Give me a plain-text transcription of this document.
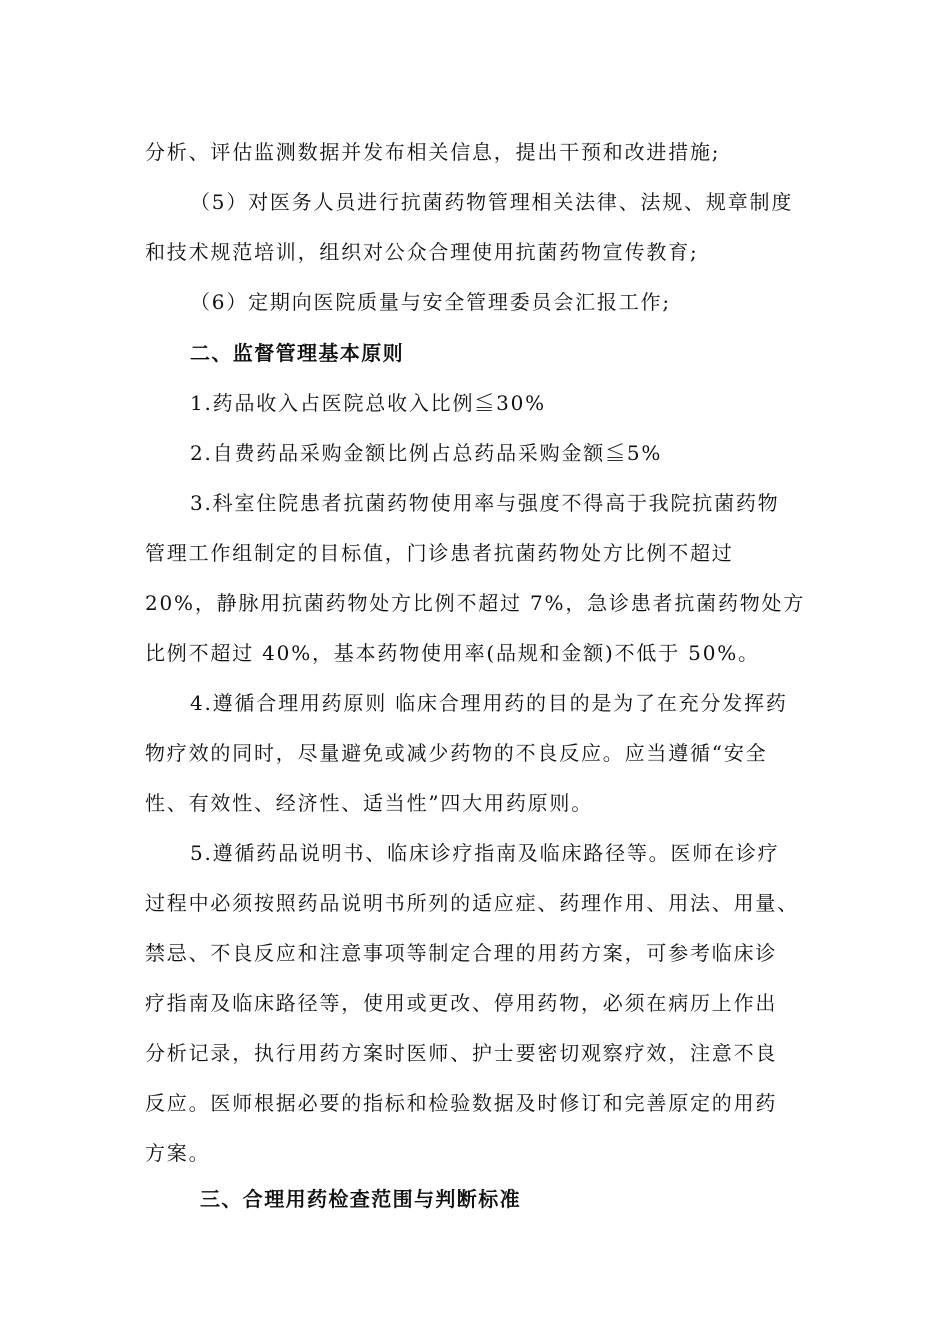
分析、评估监测数据并发布相关信息，提出干预和改进措施;
（5）对医务人员进行抗菌药物管理相关法律、法规、规章制度
和技术规范培训，组织对公众合理使用抗菌药物宣传教育;
（6）定期向医院质量与安全管理委员会汇报工作;
二、监督管理基本原则
1.药品收入占医院总收入比例≦30%
2.自费药品采购金额比例占总药品采购金额≦5%
3.科室住院患者抗菌药物使用率与强度不得高于我院抗菌药物
管理工作组制定的目标值，门诊患者抗菌药物处方比例不超过
20%，静脉用抗菌药物处方比例不超过 7%，急诊患者抗菌药物处方
比例不超过 40%，基本药物使用率(品规和金额)不低于 50%。
4.遵循合理用药原则 临床合理用药的目的是为了在充分发挥药
物疗效的同时，尽量避免或减少药物的不良反应。应当遵循“安全
性、有效性、经济性、适当性”四大用药原则。
5.遵循药品说明书、临床诊疗指南及临床路径等。医师在诊疗
过程中必须按照药品说明书所列的适应症、药理作用、用法、用量、
禁忌、不良反应和注意事项等制定合理的用药方案，可参考临床诊
疗指南及临床路径等，使用或更改、停用药物，必须在病历上作出
分析记录，执行用药方案时医师、护士要密切观察疗效，注意不良
反应。医师根据必要的指标和检验数据及时修订和完善原定的用药
方案。
三、合理用药检查范围与判断标准
